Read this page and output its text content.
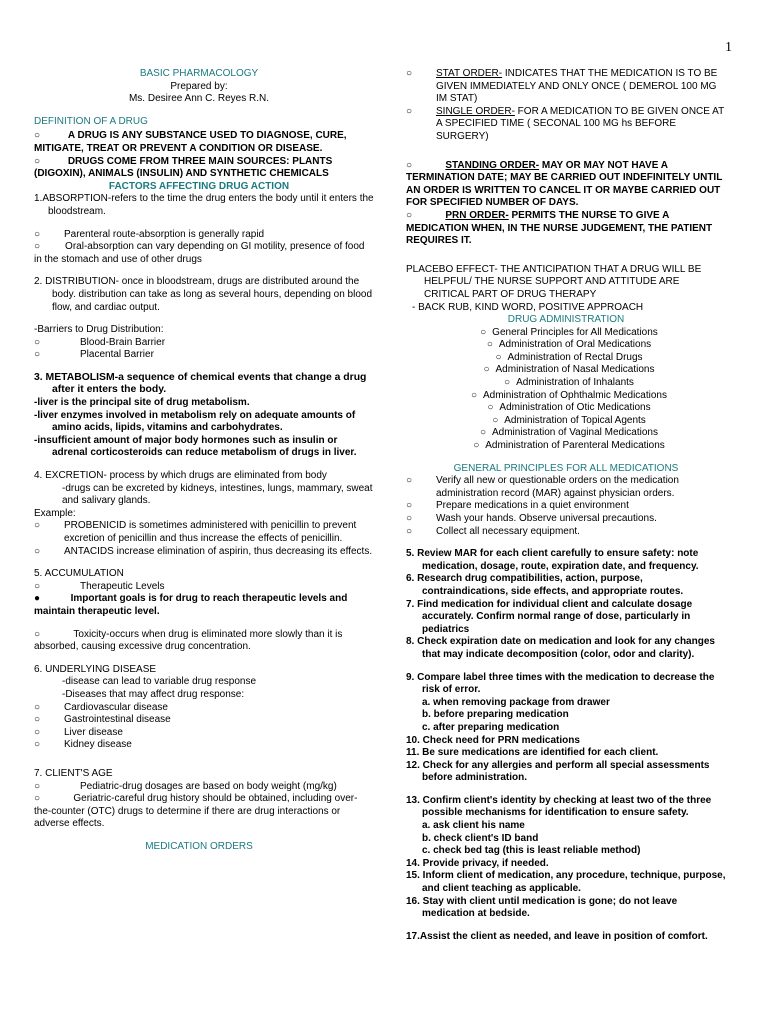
1
BASIC PHARMACOLOGY
Prepared by:
Ms. Desiree Ann C. Reyes R.N.
DEFINITION OF A DRUG
○          A DRUG IS ANY SUBSTANCE USED TO DIAGNOSE, CURE, MITIGATE, TREAT OR PREVENT A CONDITION OR DISEASE.
○          DRUGS COME FROM THREE MAIN SOURCES: PLANTS (DIGOXIN), ANIMALS (INSULIN) AND SYNTHETIC CHEMICALS
FACTORS AFFECTING DRUG ACTION
1.ABSORPTION-refers to the time the drug enters the body until it enters the bloodstream.
○	Parenteral route-absorption is generally rapid
○         Oral-absorption can vary depending on GI motility, presence of food in the stomach and use of other drugs
2. DISTRIBUTION- once in bloodstream, drugs are distributed around the body. distribution can take as long as several hours, depending on blood flow, and cardiac output.
-Barriers to Drug Distribution:
○	Blood-Brain Barrier
○	Placental Barrier
3. METABOLISM-a sequence of chemical events that change a drug after it enters the body.
-liver is the principal site of drug metabolism.
-liver enzymes involved in metabolism rely on adequate amounts of amino acids, lipids, vitamins and carbohydrates.
-insufficient amount of major body hormones such as insulin or adrenal corticosteroids can reduce metabolism of drugs in liver.
4. EXCRETION- process by which drugs are eliminated from body
-drugs can be excreted by kidneys, intestines, lungs, mammary, sweat and salivary glands.
Example:
○	PROBENICID is sometimes administered with penicillin to prevent excretion of penicillin and thus increase the effects of penicillin.
○	ANTACIDS increase elimination of aspirin, thus decreasing its effects.
5. ACCUMULATION
○	Therapeutic Levels
●           Important goals is for drug to reach therapeutic levels and maintain therapeutic level.
○            Toxicity-occurs when drug is eliminated more slowly than it is absorbed, causing excessive drug concentration.
6. UNDERLYING DISEASE
-disease can lead to variable drug response
-Diseases that may affect drug response:
○	Cardiovascular disease
○	Gastrointestinal disease
○	Liver disease
○	Kidney disease
7. CLIENT'S AGE
○	Pediatric-drug dosages are based on body weight (mg/kg)
○            Geriatric-careful drug history should be obtained, including over-the-counter (OTC) drugs to determine if there are drug interactions or adverse effects.
MEDICATION ORDERS
○	STAT ORDER- INDICATES THAT THE MEDICATION IS TO BE GIVEN IMMEDIATELY AND ONLY ONCE ( DEMEROL 100 MG IM STAT)
○	SINGLE ORDER- FOR A MEDICATION TO BE GIVEN ONCE AT A SPECIFIED TIME ( SECONAL 100 MG hs BEFORE SURGERY)
○            STANDING ORDER- MAY OR MAY NOT HAVE A TERMINATION DATE; MAY BE CARRIED OUT INDEFINITELY UNTIL AN ORDER IS WRITTEN TO CANCEL IT OR MAYBE CARRIED OUT FOR SPECIFIED NUMBER OF DAYS.
○            PRN ORDER- PERMITS THE NURSE TO GIVE A MEDICATION WHEN, IN THE NURSE JUDGEMENT, THE PATIENT REQUIRES IT.
PLACEBO EFFECT- THE ANTICIPATION THAT A DRUG WILL BE HELPFUL/ THE NURSE SUPPORT AND ATTITUDE ARE CRITICAL PART OF DRUG THERAPY
- BACK RUB, KIND WORD, POSITIVE APPROACH
DRUG ADMINISTRATION
○ General Principles for All Medications
○ Administration of Oral Medications
○ Administration of Rectal Drugs
○ Administration of Nasal Medications
○ Administration of Inhalants
○ Administration of Ophthalmic Medications
○ Administration of Otic Medications
○ Administration of Topical Agents
○ Administration of Vaginal Medications
○ Administration of Parenteral Medications
GENERAL PRINCIPLES FOR ALL MEDICATIONS
○	Verify all new or questionable orders on the medication administration record (MAR) against physician orders.
○	Prepare medications in a quiet environment
○	Wash your hands. Observe universal precautions.
○	Collect all necessary equipment.
5. Review MAR for each client carefully to ensure safety: note medication, dosage, route, expiration date, and frequency.
6. Research drug compatibilities, action, purpose, contraindications, side effects, and appropriate routes.
7. Find medication for individual client and calculate dosage accurately. Confirm normal range of dose, particularly in pediatrics
8. Check expiration date on medication and look for any changes that may indicate decomposition (color, odor and clarity).
9. Compare label three times with the medication to decrease the risk of error.
a. when removing package from drawer
b. before preparing medication
c. after preparing medication
10. Check need for PRN medications
11. Be sure medications are identified for each client.
12. Check for any allergies and perform all special assessments before administration.
13. Confirm client's identity by checking at least two of the three possible mechanisms for identification to ensure safety.
a. ask client his name
b. check client's ID band
c. check bed tag (this is least reliable method)
14. Provide privacy, if needed.
15. Inform client of medication, any procedure, technique, purpose, and client teaching as applicable.
16. Stay with client until medication is gone; do not leave medication at bedside.
17.Assist the client as needed, and leave in position of comfort.
